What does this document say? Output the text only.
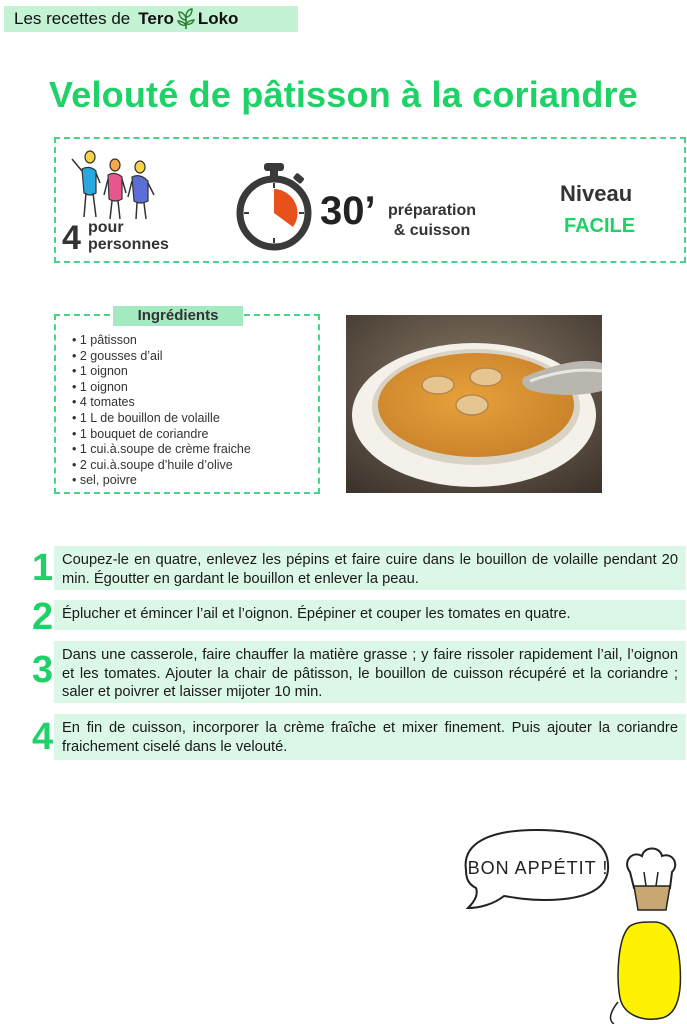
Les recettes de Tero Loko
Velouté de pâtisson à la coriandre
4 pour
personnes
30’ préparation
& cuisson
Niveau
FACILE
Ingrédients
• 1 pâtisson
• 2 gousses d’ail
• 1 oignon
• 1 oignon
• 4 tomates
• 1 L de bouillon de volaille
• 1 bouquet de coriandre
• 1 cui.à.soupe de crème fraiche
• 2 cui.à.soupe d’huile d’olive
• sel, poivre
1 Coupez-le en quatre, enlevez les pépins et faire cuire dans le bouillon de volaille pendant 20 min. Égoutter en gardant le bouillon et enlever la peau.
2 Éplucher et émincer l’ail et l’oignon. Épépiner et couper les tomates en quatre.
3 Dans une casserole, faire chauffer la matière grasse ; y faire rissoler rapidement l’ail, l’oignon et les tomates. Ajouter la chair de pâtisson, le bouillon de cuisson récupéré et la coriandre ; saler et poivrer et laisser mijoter 10 min.
4 En fin de cuisson, incorporer la crème fraîche et mixer finement. Puis ajouter la coriandre fraichement ciselé dans le velouté.
BON APPÉTIT !
